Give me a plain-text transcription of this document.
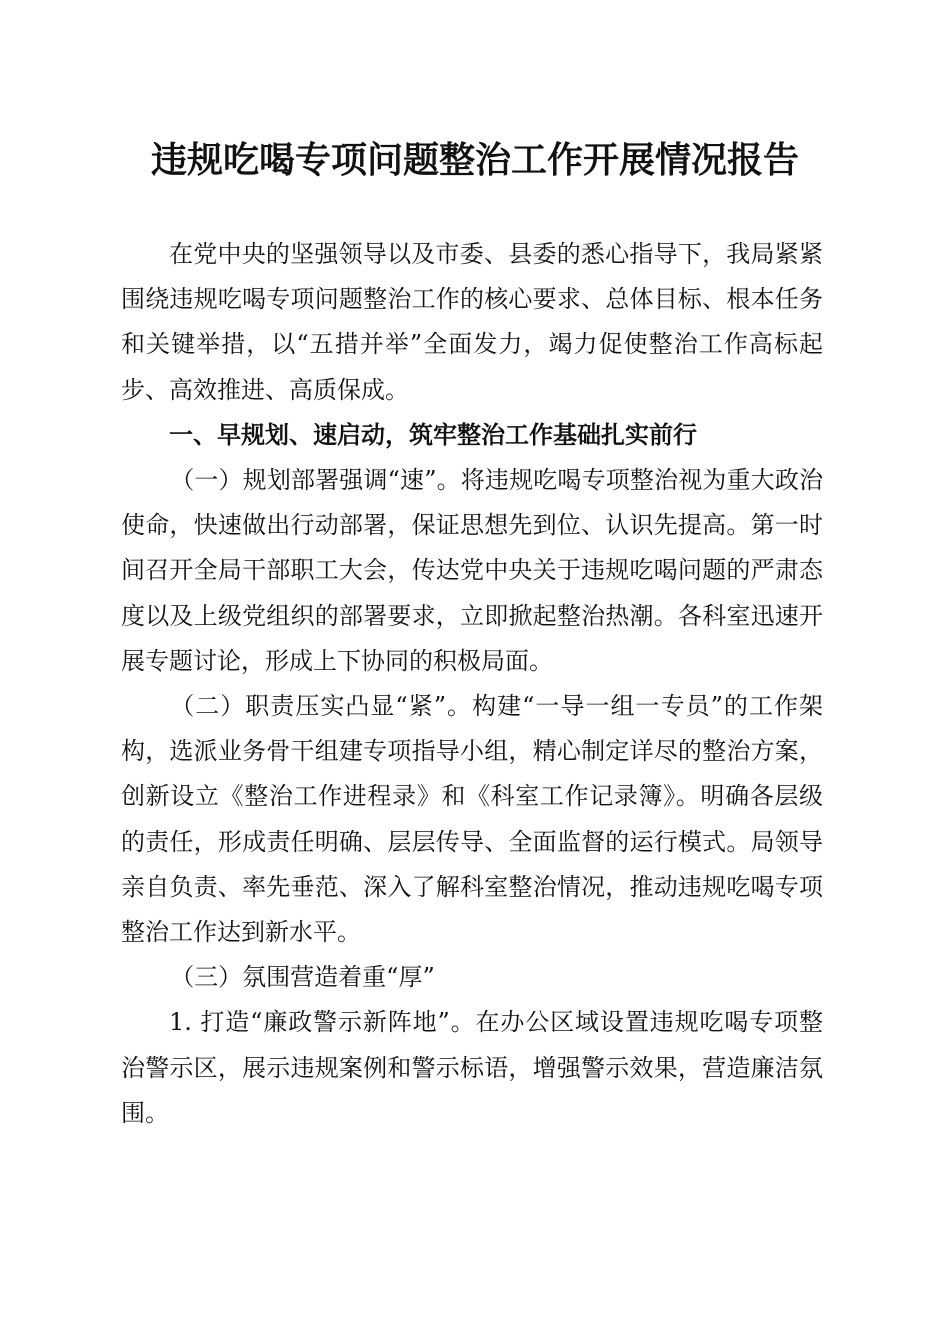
违规吃喝专项问题整治工作开展情况报告

在党中央的坚强领导以及市委、县委的悉心指导下，我局紧紧围绕违规吃喝专项问题整治工作的核心要求、总体目标、根本任务和关键举措，以“五措并举”全面发力，竭力促使整治工作高标起步、高效推进、高质保成。

一、早规划、速启动，筑牢整治工作基础扎实前行

（一）规划部署强调“速”。将违规吃喝专项整治视为重大政治使命，快速做出行动部署，保证思想先到位、认识先提高。第一时间召开全局干部职工大会，传达党中央关于违规吃喝问题的严肃态度以及上级党组织的部署要求，立即掀起整治热潮。各科室迅速开展专题讨论，形成上下协同的积极局面。

（二）职责压实凸显“紧”。构建“一导一组一专员”的工作架构，选派业务骨干组建专项指导小组，精心制定详尽的整治方案，创新设立《整治工作进程录》和《科室工作记录簿》。明确各层级的责任，形成责任明确、层层传导、全面监督的运行模式。局领导亲自负责、率先垂范、深入了解科室整治情况，推动违规吃喝专项整治工作达到新水平。

（三）氛围营造着重“厚”

1. 打造“廉政警示新阵地”。在办公区域设置违规吃喝专项整治警示区，展示违规案例和警示标语，增强警示效果，营造廉洁氛围。
